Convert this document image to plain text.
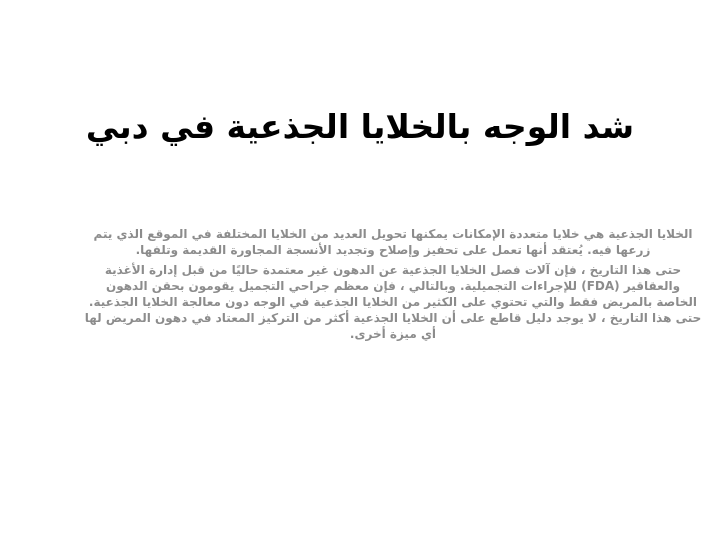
شد الوجه بالخلايا الجذعية في دبي

الخلايا الجذعية هي خلايا متعددة الإمكانات يمكنها تحويل العديد من الخلايا المختلفة في الموقع الذي يتم زرعها فيه. يُعتقد أنها تعمل على تحفيز وإصلاح وتجديد الأنسجة المجاورة القديمة وتلفها.

حتى هذا التاريخ ، فإن آلات فصل الخلايا الجذعية عن الدهون غير معتمدة حاليًا من قبل إدارة الأغذية والعقاقير (FDA) للإجراءات التجميلية. وبالتالي ، فإن معظم جراحي التجميل يقومون بحقن الدهون الخاصة بالمريض فقط والتي تحتوي على الكثير من الخلايا الجذعية في الوجه دون معالجة الخلايا الجذعية. حتى هذا التاريخ ، لا يوجد دليل قاطع على أن الخلايا الجذعية أكثر من التركيز المعتاد في دهون المريض لها أي ميزة أخرى.
